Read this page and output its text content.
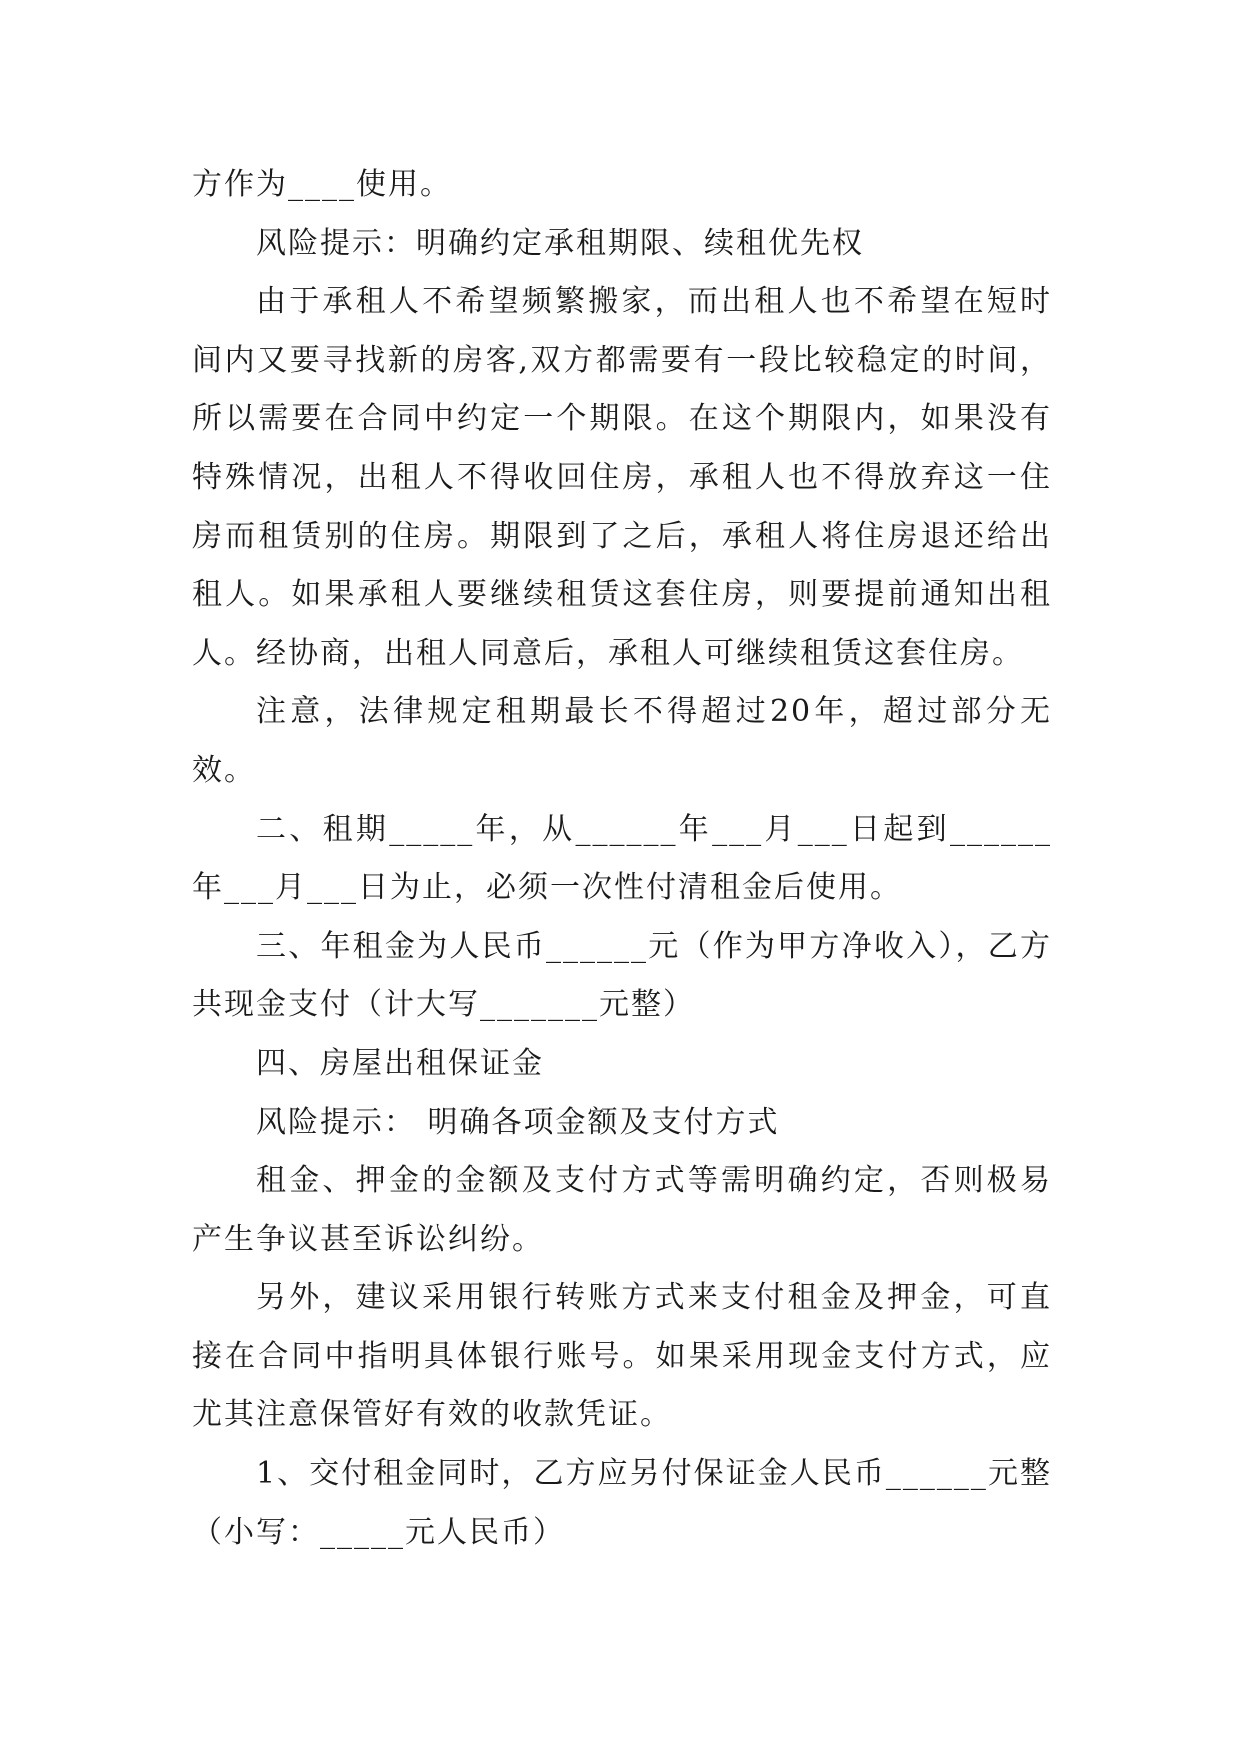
方作为____使用。

风险提示：明确约定承租期限、续租优先权

由于承租人不希望频繁搬家，而出租人也不希望在短时间内又要寻找新的房客,双方都需要有一段比较稳定的时间，所以需要在合同中约定一个期限。在这个期限内，如果没有特殊情况，出租人不得收回住房，承租人也不得放弃这一住房而租赁别的住房。期限到了之后，承租人将住房退还给出租人。如果承租人要继续租赁这套住房，则要提前通知出租人。经协商，出租人同意后，承租人可继续租赁这套住房。

注意，法律规定租期最长不得超过20年，超过部分无效。

二、租期_____年，从______年___月___日起到______年___月___日为止，必须一次性付清租金后使用。

三、年租金为人民币______元（作为甲方净收入），乙方共现金支付（计大写_______元整）

四、房屋出租保证金

风险提示： 明确各项金额及支付方式

租金、押金的金额及支付方式等需明确约定，否则极易产生争议甚至诉讼纠纷。

另外，建议采用银行转账方式来支付租金及押金，可直接在合同中指明具体银行账号。如果采用现金支付方式，应尤其注意保管好有效的收款凭证。

1、交付租金同时，乙方应另付保证金人民币______元整（小写：_____元人民币）
